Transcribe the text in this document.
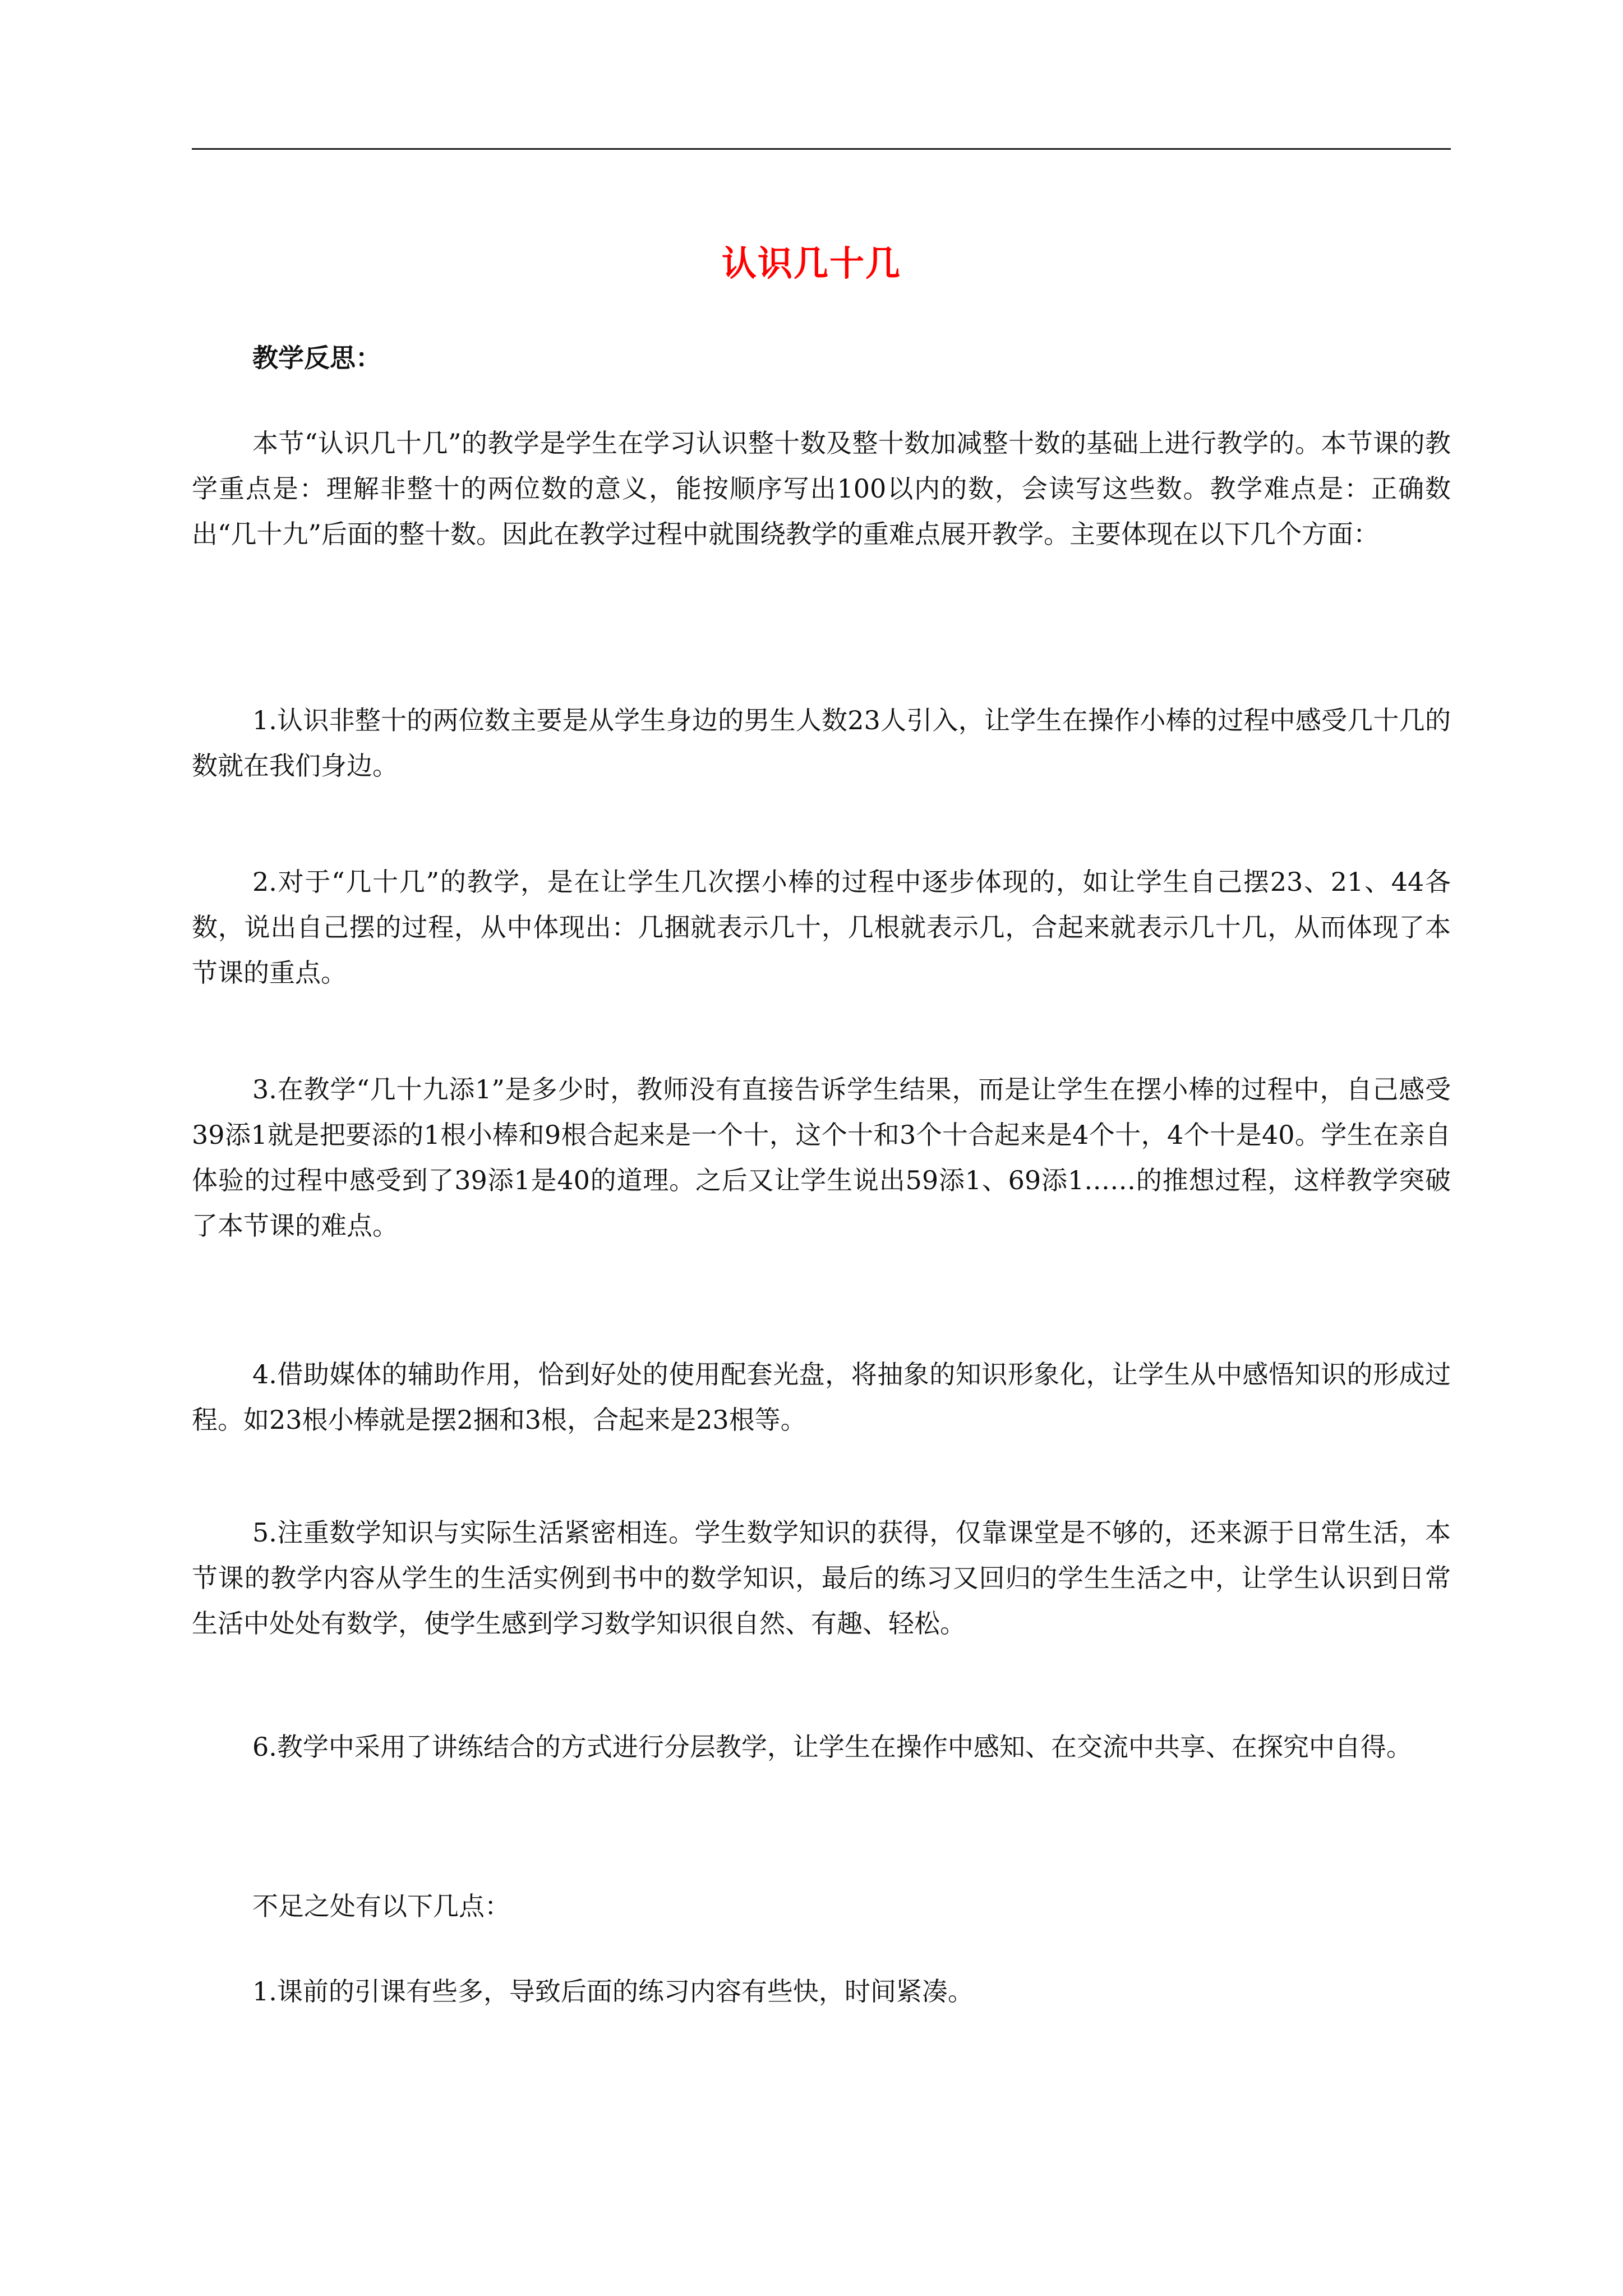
认识几十几

教学反思：

本节“认识几十几”的教学是学生在学习认识整十数及整十数加减整十数的基础上进行教学的。本节课的教学重点是：理解非整十的两位数的意义，能按顺序写出100以内的数，会读写这些数。教学难点是：正确数出“几十九”后面的整十数。因此在教学过程中就围绕教学的重难点展开教学。主要体现在以下几个方面：

1.认识非整十的两位数主要是从学生身边的男生人数23人引入，让学生在操作小棒的过程中感受几十几的数就在我们身边。

2.对于“几十几”的教学，是在让学生几次摆小棒的过程中逐步体现的，如让学生自己摆23、21、44各数，说出自己摆的过程，从中体现出：几捆就表示几十，几根就表示几，合起来就表示几十几，从而体现了本节课的重点。

3.在教学“几十九添1”是多少时，教师没有直接告诉学生结果，而是让学生在摆小棒的过程中，自己感受39添1就是把要添的1根小棒和9根合起来是一个十，这个十和3个十合起来是4个十，4个十是40。学生在亲自体验的过程中感受到了39添1是40的道理。之后又让学生说出59添1、69添1……的推想过程，这样教学突破了本节课的难点。

4.借助媒体的辅助作用，恰到好处的使用配套光盘，将抽象的知识形象化，让学生从中感悟知识的形成过程。如23根小棒就是摆2捆和3根，合起来是23根等。

5.注重数学知识与实际生活紧密相连。学生数学知识的获得，仅靠课堂是不够的，还来源于日常生活，本节课的教学内容从学生的生活实例到书中的数学知识，最后的练习又回归的学生生活之中，让学生认识到日常生活中处处有数学，使学生感到学习数学知识很自然、有趣、轻松。

6.教学中采用了讲练结合的方式进行分层教学，让学生在操作中感知、在交流中共享、在探究中自得。

不足之处有以下几点：

1.课前的引课有些多，导致后面的练习内容有些快，时间紧凑。
